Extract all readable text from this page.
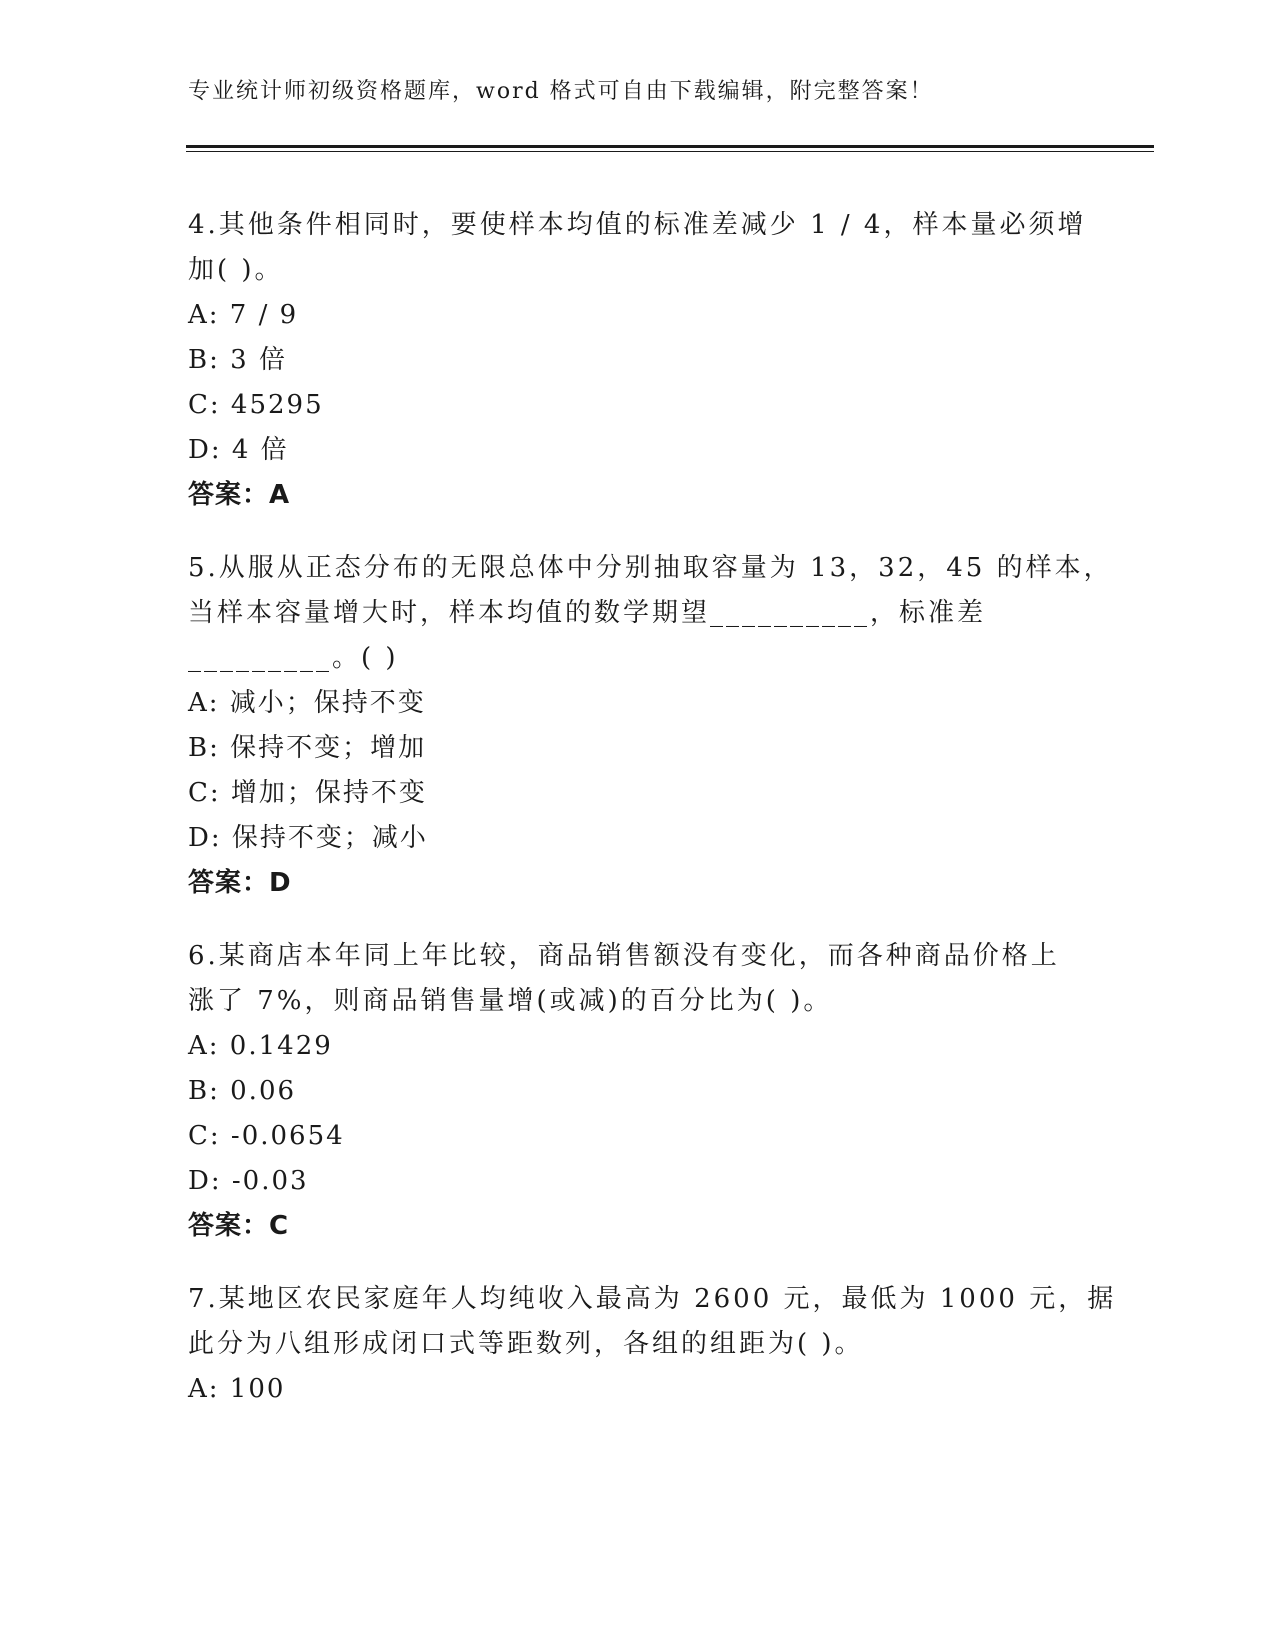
专业统计师初级资格题库，word 格式可自由下载编辑，附完整答案！
4.其他条件相同时，要使样本均值的标准差减少 1 / 4，样本量必须增
加( )。
A: 7 / 9
B: 3 倍
C: 45295
D: 4 倍
答案：A
5.从服从正态分布的无限总体中分别抽取容量为 13，32，45 的样本，
当样本容量增大时，样本均值的数学期望__________，标准差
_________。( )
A: 减小；保持不变
B: 保持不变；增加
C: 增加；保持不变
D: 保持不变；减小
答案：D
6.某商店本年同上年比较，商品销售额没有变化，而各种商品价格上
涨了 7%，则商品销售量增(或减)的百分比为( )。
A: 0.1429
B: 0.06
C: -0.0654
D: -0.03
答案：C
7.某地区农民家庭年人均纯收入最高为 2600 元，最低为 1000 元，据
此分为八组形成闭口式等距数列，各组的组距为( )。
A: 100
